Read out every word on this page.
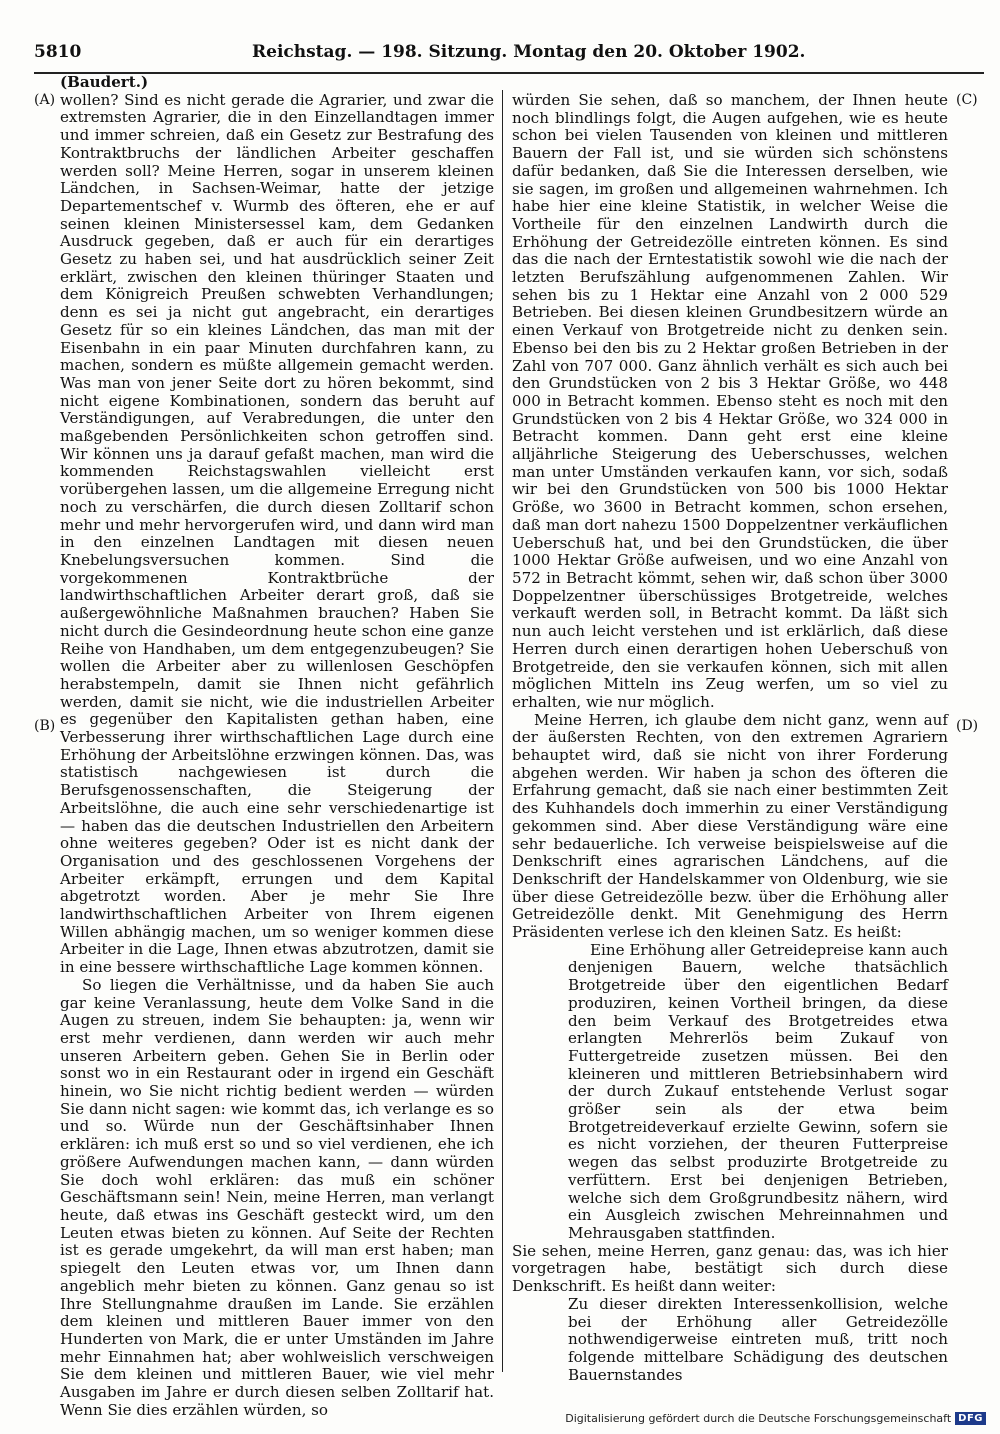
5810	Reichstag. — 198. Sitzung. Montag den 20. Oktober 1902.
(A)
(B)
(C)
(D)

(Baudert.)

wollen? Sind es nicht gerade die Agrarier, und zwar die extremsten Agrarier, die in den Einzellandtagen immer und immer schreien, daß ein Gesetz zur Bestrafung des Kontraktbruchs der ländlichen Arbeiter geschaffen werden soll? Meine Herren, sogar in unserem kleinen Ländchen, in Sachsen-Weimar, hatte der jetzige Departementschef v. Wurmb des öfteren, ehe er auf seinen kleinen Ministersessel kam, dem Gedanken Ausdruck gegeben, daß er auch für ein derartiges Gesetz zu haben sei, und hat ausdrücklich seiner Zeit erklärt, zwischen den kleinen thüringer Staaten und dem Königreich Preußen schwebten Verhandlungen; denn es sei ja nicht gut angebracht, ein derartiges Gesetz für so ein kleines Ländchen, das man mit der Eisenbahn in ein paar Minuten durchfahren kann, zu machen, sondern es müßte allgemein gemacht werden. Was man von jener Seite dort zu hören bekommt, sind nicht eigene Kombinationen, sondern das beruht auf Verständigungen, auf Verabredungen, die unter den maßgebenden Persönlichkeiten schon getroffen sind. Wir können uns ja darauf gefaßt machen, man wird die kommenden Reichstagswahlen vielleicht erst vorübergehen lassen, um die allgemeine Erregung nicht noch zu verschärfen, die durch diesen Zolltarif schon mehr und mehr hervorgerufen wird, und dann wird man in den einzelnen Landtagen mit diesen neuen Knebelungsversuchen kommen. Sind die vorgekommenen Kontraktbrüche der landwirthschaftlichen Arbeiter derart groß, daß sie außergewöhnliche Maßnahmen brauchen? Haben Sie nicht durch die Gesindeordnung heute schon eine ganze Reihe von Handhaben, um dem entgegenzubeugen? Sie wollen die Arbeiter aber zu willenlosen Geschöpfen herabstempeln, damit sie Ihnen nicht gefährlich werden, damit sie nicht, wie die industriellen Arbeiter es gegenüber den Kapitalisten gethan haben, eine Verbesserung ihrer wirthschaftlichen Lage durch eine Erhöhung der Arbeitslöhne erzwingen können. Das, was statistisch nachgewiesen ist durch die Berufsgenossenschaften, die Steigerung der Arbeitslöhne, die auch eine sehr verschiedenartige ist — haben das die deutschen Industriellen den Arbeitern ohne weiteres gegeben? Oder ist es nicht dank der Organisation und des geschlossenen Vorgehens der Arbeiter erkämpft, errungen und dem Kapital abgetrotzt worden. Aber je mehr Sie Ihre landwirthschaftlichen Arbeiter von Ihrem eigenen Willen abhängig machen, um so weniger kommen diese Arbeiter in die Lage, Ihnen etwas abzutrotzen, damit sie in eine bessere wirthschaftliche Lage kommen können.

So liegen die Verhältnisse, und da haben Sie auch gar keine Veranlassung, heute dem Volke Sand in die Augen zu streuen, indem Sie behaupten: ja, wenn wir erst mehr verdienen, dann werden wir auch mehr unseren Arbeitern geben. Gehen Sie in Berlin oder sonst wo in ein Restaurant oder in irgend ein Geschäft hinein, wo Sie nicht richtig bedient werden — würden Sie dann nicht sagen: wie kommt das, ich verlange es so und so. Würde nun der Geschäftsinhaber Ihnen erklären: ich muß erst so und so viel verdienen, ehe ich größere Aufwendungen machen kann, — dann würden Sie doch wohl erklären: das muß ein schöner Geschäftsmann sein! Nein, meine Herren, man verlangt heute, daß etwas ins Geschäft gesteckt wird, um den Leuten etwas bieten zu können. Auf Seite der Rechten ist es gerade umgekehrt, da will man erst haben; man spiegelt den Leuten etwas vor, um Ihnen dann angeblich mehr bieten zu können. Ganz genau so ist Ihre Stellungnahme draußen im Lande. Sie erzählen dem kleinen und mittleren Bauer immer von den Hunderten von Mark, die er unter Umständen im Jahre mehr Einnahmen hat; aber wohlweislich verschweigen Sie dem kleinen und mittleren Bauer, wie viel mehr Ausgaben im Jahre er durch diesen selben Zolltarif hat. Wenn Sie dies erzählen würden, so

würden Sie sehen, daß so manchem, der Ihnen heute noch blindlings folgt, die Augen aufgehen, wie es heute schon bei vielen Tausenden von kleinen und mittleren Bauern der Fall ist, und sie würden sich schönstens dafür bedanken, daß Sie die Interessen derselben, wie sie sagen, im großen und allgemeinen wahrnehmen. Ich habe hier eine kleine Statistik, in welcher Weise die Vortheile für den einzelnen Landwirth durch die Erhöhung der Getreidezölle eintreten können. Es sind das die nach der Erntestatistik sowohl wie die nach der letzten Berufszählung aufgenommenen Zahlen. Wir sehen bis zu 1 Hektar eine Anzahl von 2 000 529 Betrieben. Bei diesen kleinen Grundbesitzern würde an einen Verkauf von Brotgetreide nicht zu denken sein. Ebenso bei den bis zu 2 Hektar großen Betrieben in der Zahl von 707 000. Ganz ähnlich verhält es sich auch bei den Grundstücken von 2 bis 3 Hektar Größe, wo 448 000 in Betracht kommen. Ebenso steht es noch mit den Grundstücken von 2 bis 4 Hektar Größe, wo 324 000 in Betracht kommen. Dann geht erst eine kleine alljährliche Steigerung des Ueberschusses, welchen man unter Umständen verkaufen kann, vor sich, sodaß wir bei den Grundstücken von 500 bis 1000 Hektar Größe, wo 3600 in Betracht kommen, schon ersehen, daß man dort nahezu 1500 Doppelzentner verkäuflichen Ueberschuß hat, und bei den Grundstücken, die über 1000 Hektar Größe aufweisen, und wo eine Anzahl von 572 in Betracht kömmt, sehen wir, daß schon über 3000 Doppelzentner überschüssiges Brotgetreide, welches verkauft werden soll, in Betracht kommt. Da läßt sich nun auch leicht verstehen und ist erklärlich, daß diese Herren durch einen derartigen hohen Ueberschuß von Brotgetreide, den sie verkaufen können, sich mit allen möglichen Mitteln ins Zeug werfen, um so viel zu erhalten, wie nur möglich.

Meine Herren, ich glaube dem nicht ganz, wenn auf der äußersten Rechten, von den extremen Agrariern behauptet wird, daß sie nicht von ihrer Forderung abgehen werden. Wir haben ja schon des öfteren die Erfahrung gemacht, daß sie nach einer bestimmten Zeit des Kuhhandels doch immerhin zu einer Verständigung gekommen sind. Aber diese Verständigung wäre eine sehr bedauerliche. Ich verweise beispielsweise auf die Denkschrift eines agrarischen Ländchens, auf die Denkschrift der Handelskammer von Oldenburg, wie sie über diese Getreidezölle bezw. über die Erhöhung aller Getreidezölle denkt. Mit Genehmigung des Herrn Präsidenten verlese ich den kleinen Satz. Es heißt:

Eine Erhöhung aller Getreidepreise kann auch denjenigen Bauern, welche thatsächlich Brotgetreide über den eigentlichen Bedarf produziren, keinen Vortheil bringen, da diese den beim Verkauf des Brotgetreides etwa erlangten Mehrerlös beim Zukauf von Futtergetreide zusetzen müssen. Bei den kleineren und mittleren Betriebsinhabern wird der durch Zukauf entstehende Verlust sogar größer sein als der etwa beim Brotgetreideverkauf erzielte Gewinn, sofern sie es nicht vorziehen, der theuren Futterpreise wegen das selbst produzirte Brotgetreide zu verfüttern. Erst bei denjenigen Betrieben, welche sich dem Großgrundbesitz nähern, wird ein Ausgleich zwischen Mehreinnahmen und Mehrausgaben stattfinden.

Sie sehen, meine Herren, ganz genau: das, was ich hier vorgetragen habe, bestätigt sich durch diese Denkschrift. Es heißt dann weiter:

Zu dieser direkten Interessenkollision, welche bei der Erhöhung aller Getreidezölle nothwendigerweise eintreten muß, tritt noch folgende mittelbare Schädigung des deutschen Bauernstandes

Digitalisierung gefördert durch die Deutsche Forschungsgemeinschaft DFG
